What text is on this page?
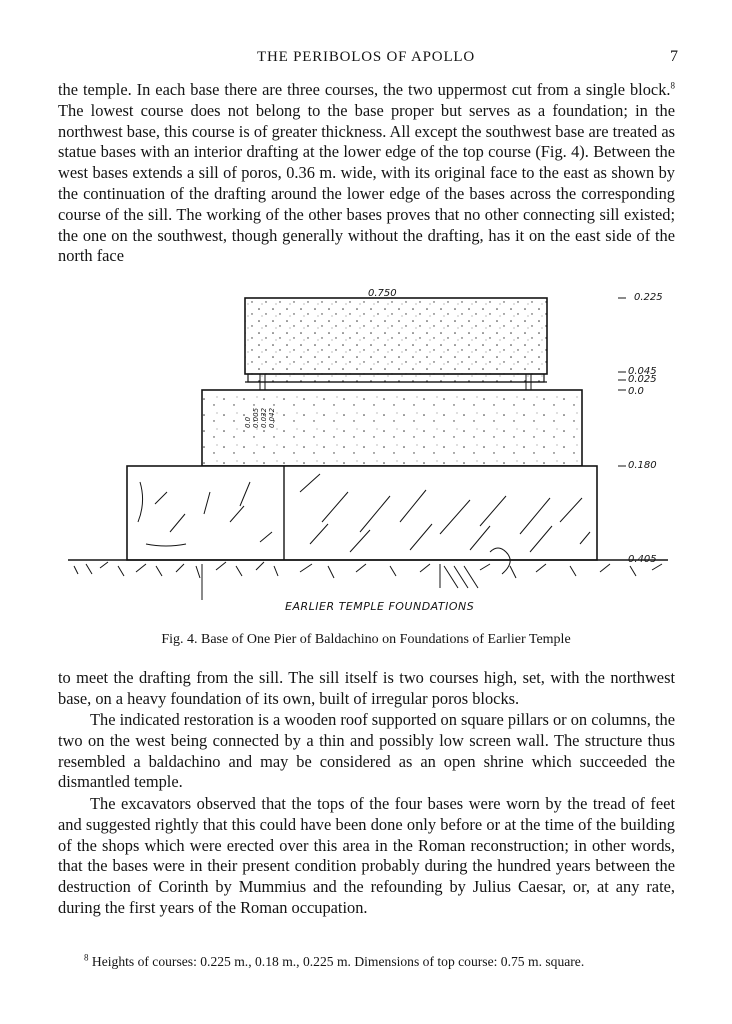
THE PERIBOLOS OF APOLLO	7

the temple. In each base there are three courses, the two uppermost cut from a single block.$^8$ The lowest course does not belong to the base proper but serves as a foundation; in the northwest base, this course is of greater thickness. All except the southwest base are treated as statue bases with an interior drafting at the lower edge of the top course (Fig. 4). Between the west bases extends a sill of poros, 0.36 m. wide, with its original face to the east as shown by the continuation of the drafting around the lower edge of the bases across the corresponding course of the sill. The working of the other bases proves that no other connecting sill existed; the one on the southwest, though generally without the drafting, has it on the east side of the north face

0.750	0.225
0.045
0.025
0.0
0.180
0.405
0.0 0.005 0.032 0.042
EARLIER TEMPLE FOUNDATIONS
Fig. 4. Base of One Pier of Baldachino on Foundations of Earlier Temple

to meet the drafting from the sill. The sill itself is two courses high, set, with the northwest base, on a heavy foundation of its own, built of irregular poros blocks.

The indicated restoration is a wooden roof supported on square pillars or on columns, the two on the west being connected by a thin and possibly low screen wall. The structure thus resembled a baldachino and may be considered as an open shrine which succeeded the dismantled temple.

The excavators observed that the tops of the four bases were worn by the tread of feet and suggested rightly that this could have been done only before or at the time of the building of the shops which were erected over this area in the Roman reconstruction; in other words, that the bases were in their present condition probably during the hundred years between the destruction of Corinth by Mummius and the refounding by Julius Caesar, or, at any rate, during the first years of the Roman occupation.

$^8$ Heights of courses: 0.225 m., 0.18 m., 0.225 m. Dimensions of top course: 0.75 m. square.
